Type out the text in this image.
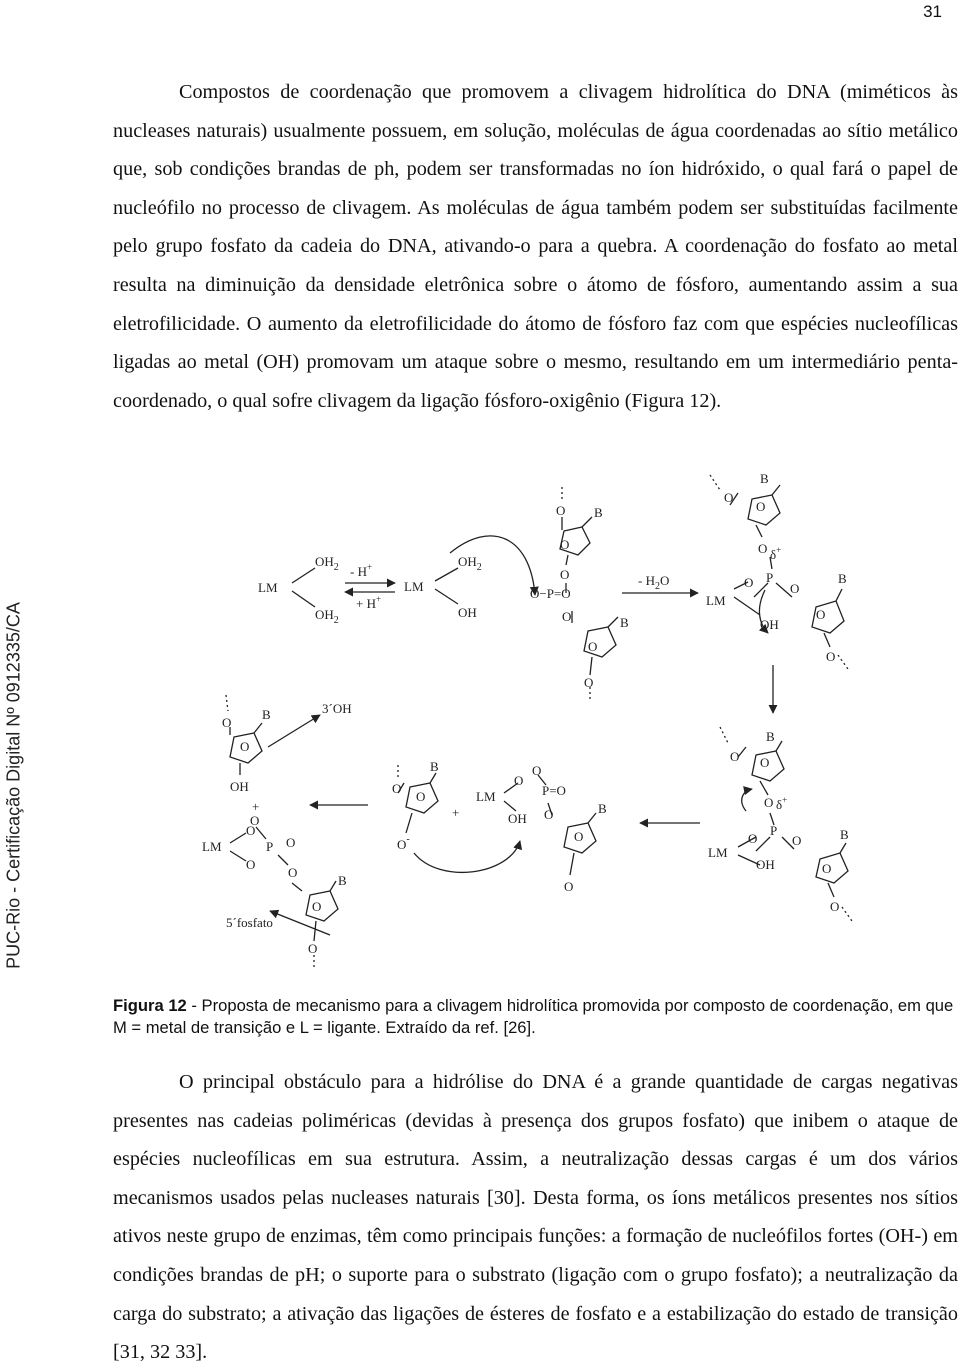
31
PUC-Rio - Certificação Digital Nº 0912335/CA

Compostos de coordenação que promovem a clivagem hidrolítica do DNA (miméticos às nucleases naturais) usualmente possuem, em solução, moléculas de água coordenadas ao sítio metálico que, sob condições brandas de ph, podem ser transformadas no íon hidróxido, o qual fará o papel de nucleófilo no processo de clivagem. As moléculas de água também podem ser substituídas facilmente pelo grupo fosfato da cadeia do DNA, ativando-o para a quebra. A coordenação do fosfato ao metal resulta na diminuição da densidade eletrônica sobre o átomo de fósforo, aumentando assim a sua eletrofilicidade. O aumento da eletrofilicidade do átomo de fósforo faz com que espécies nucleofílicas ligadas ao metal (OH) promovam um ataque sobre o mesmo, resultando em um intermediário penta-coordenado, o qual sofre clivagem da ligação fósforo-oxigênio (Figura 12).

LM
$OH_2$
$OH_2$
- H+
+ H+
LM
$OH_2$
OH
O B
O
O
O−P=O
O	B
O
O
- $H_2O$
O
B
O
O δ+
O P
O
LM
OH
B
O
O
O
B
O
O δ+
O
P
O
LM
OH
B
O
O
O
B
O
O-
+
LM
O
O
P=O
OH O	B
O
O
O
B
O
OH
3´OH
+
LM
O
O
P O
O
O
B
O
O
5´fosfato

Figura 12 - Proposta de mecanismo para a clivagem hidrolítica promovida por composto de coordenação, em que M = metal de transição e L = ligante. Extraído da ref. [26].

O principal obstáculo para a hidrólise do DNA é a grande quantidade de cargas negativas presentes nas cadeias poliméricas (devidas à presença dos grupos fosfato) que inibem o ataque de espécies nucleofílicas em sua estrutura. Assim, a neutralização dessas cargas é um dos vários mecanismos usados pelas nucleases naturais [30]. Desta forma, os íons metálicos presentes nos sítios ativos neste grupo de enzimas, têm como principais funções: a formação de nucleófilos fortes (OH-) em condições brandas de pH; o suporte para o substrato (ligação com o grupo fosfato); a neutralização da carga do substrato; a ativação das ligações de ésteres de fosfato e a estabilização do estado de transição [31, 32 33].
